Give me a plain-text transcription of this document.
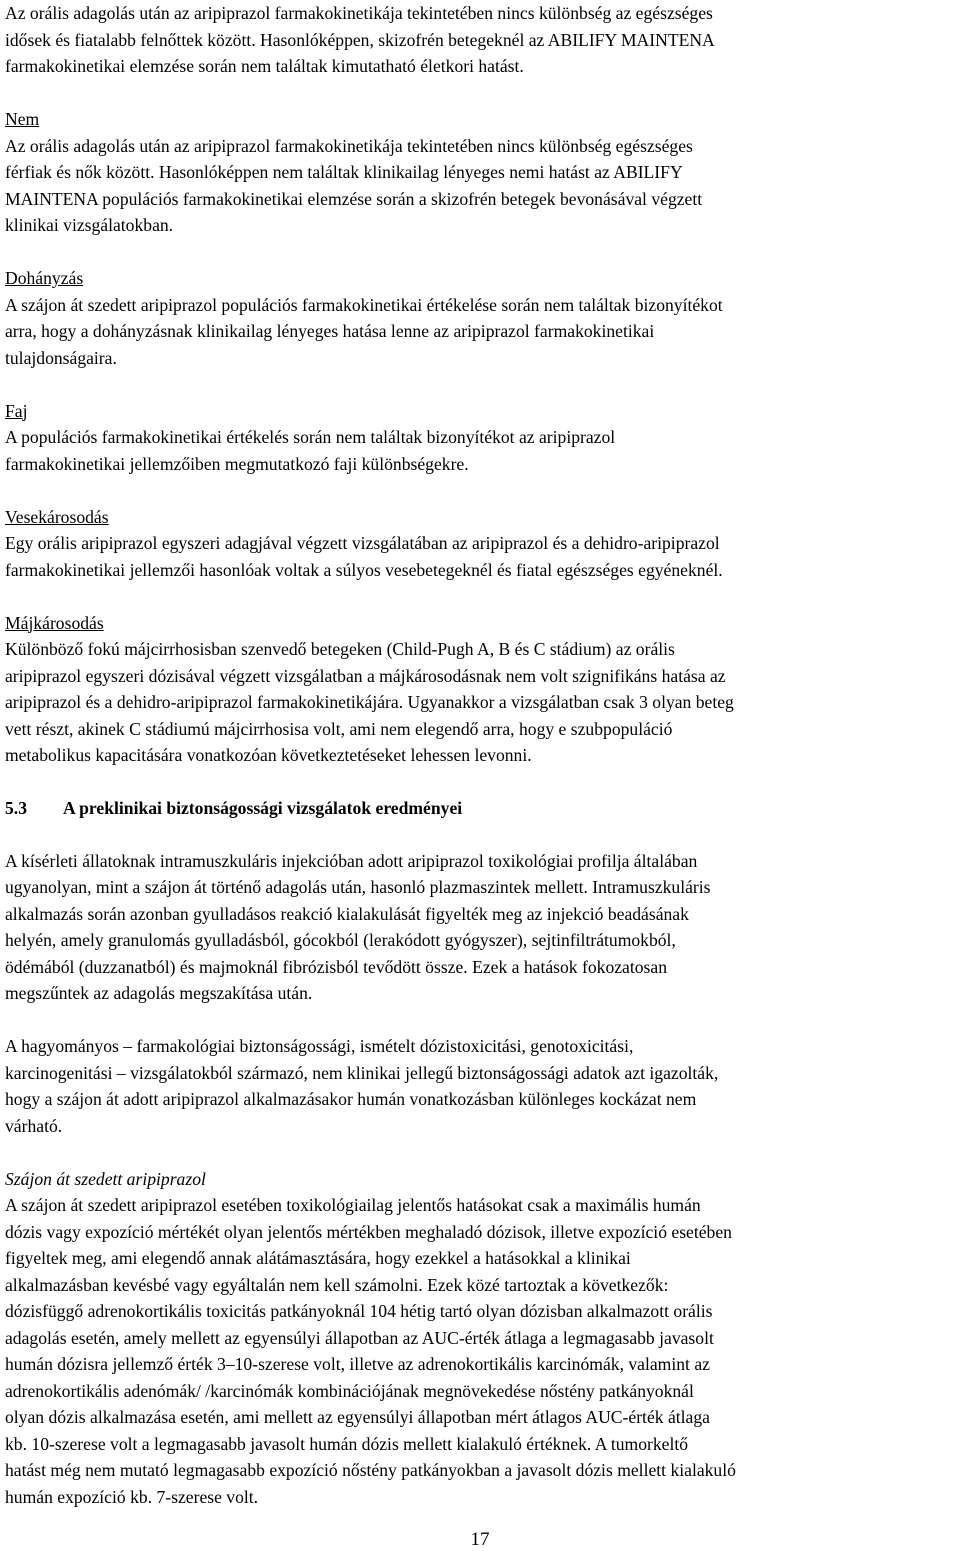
Az orális adagolás után az aripiprazol farmakokinetikája tekintetében nincs különbség az egészséges

idősek és fiatalabb felnőttek között. Hasonlóképpen, skizofrén betegeknél az ABILIFY MAINTENA

farmakokinetikai elemzése során nem találtak kimutatható életkori hatást.

Nem

Az orális adagolás után az aripiprazol farmakokinetikája tekintetében nincs különbség egészséges

férfiak és nők között. Hasonlóképpen nem találtak klinikailag lényeges nemi hatást az ABILIFY

MAINTENA populációs farmakokinetikai elemzése során a skizofrén betegek bevonásával végzett

klinikai vizsgálatokban.

Dohányzás

A szájon át szedett aripiprazol populációs farmakokinetikai értékelése során nem találtak bizonyítékot

arra, hogy a dohányzásnak klinikailag lényeges hatása lenne az aripiprazol farmakokinetikai

tulajdonságaira.

Faj

A populációs farmakokinetikai értékelés során nem találtak bizonyítékot az aripiprazol

farmakokinetikai jellemzőiben megmutatkozó faji különbségekre.

Vesekárosodás

Egy orális aripiprazol egyszeri adagjával végzett vizsgálatában az aripiprazol és a dehidro-aripiprazol

farmakokinetikai jellemzői hasonlóak voltak a súlyos vesebetegeknél és fiatal egészséges egyéneknél.

Májkárosodás

Különböző fokú májcirrhosisban szenvedő betegeken (Child-Pugh A, B és C stádium) az orális

aripiprazol egyszeri dózisával végzett vizsgálatban a májkárosodásnak nem volt szignifikáns hatása az

aripiprazol és a dehidro-aripiprazol farmakokinetikájára. Ugyanakkor a vizsgálatban csak 3 olyan beteg

vett részt, akinek C stádiumú májcirrhosisa volt, ami nem elegendő arra, hogy e szubpopuláció

metabolikus kapacitására vonatkozóan következtetéseket lehessen levonni.

5.3 A preklinikai biztonságossági vizsgálatok eredményei

A kísérleti állatoknak intramuszkuláris injekcióban adott aripiprazol toxikológiai profilja általában

ugyanolyan, mint a szájon át történő adagolás után, hasonló plazmaszintek mellett. Intramuszkuláris

alkalmazás során azonban gyulladásos reakció kialakulását figyelték meg az injekció beadásának

helyén, amely granulomás gyulladásból, gócokból (lerakódott gyógyszer), sejtinfiltrátumokból,

ödémából (duzzanatból) és majmoknál fibrózisból tevődött össze. Ezek a hatások fokozatosan

megszűntek az adagolás megszakítása után.

A hagyományos – farmakológiai biztonságossági, ismételt dózistoxicitási, genotoxicitási,

karcinogenitási – vizsgálatokból származó, nem klinikai jellegű biztonságossági adatok azt igazolták,

hogy a szájon át adott aripiprazol alkalmazásakor humán vonatkozásban különleges kockázat nem

várható.

Szájon át szedett aripiprazol

A szájon át szedett aripiprazol esetében toxikológiailag jelentős hatásokat csak a maximális humán

dózis vagy expozíció mértékét olyan jelentős mértékben meghaladó dózisok, illetve expozíció esetében

figyeltek meg, ami elegendő annak alátámasztására, hogy ezekkel a hatásokkal a klinikai

alkalmazásban kevésbé vagy egyáltalán nem kell számolni. Ezek közé tartoztak a következők:

dózisfüggő adrenokortikális toxicitás patkányoknál 104 hétig tartó olyan dózisban alkalmazott orális

adagolás esetén, amely mellett az egyensúlyi állapotban az AUC-érték átlaga a legmagasabb javasolt

humán dózisra jellemző érték 3–10-szerese volt, illetve az adrenokortikális karcinómák, valamint az

adrenokortikális adenómák/ /karcinómák kombinációjának megnövekedése nőstény patkányoknál

olyan dózis alkalmazása esetén, ami mellett az egyensúlyi állapotban mért átlagos AUC-érték átlaga

kb. 10-szerese volt a legmagasabb javasolt humán dózis mellett kialakuló értéknek. A tumorkeltő

hatást még nem mutató legmagasabb expozíció nőstény patkányokban a javasolt dózis mellett kialakuló

humán expozíció kb. 7-szerese volt.

17
